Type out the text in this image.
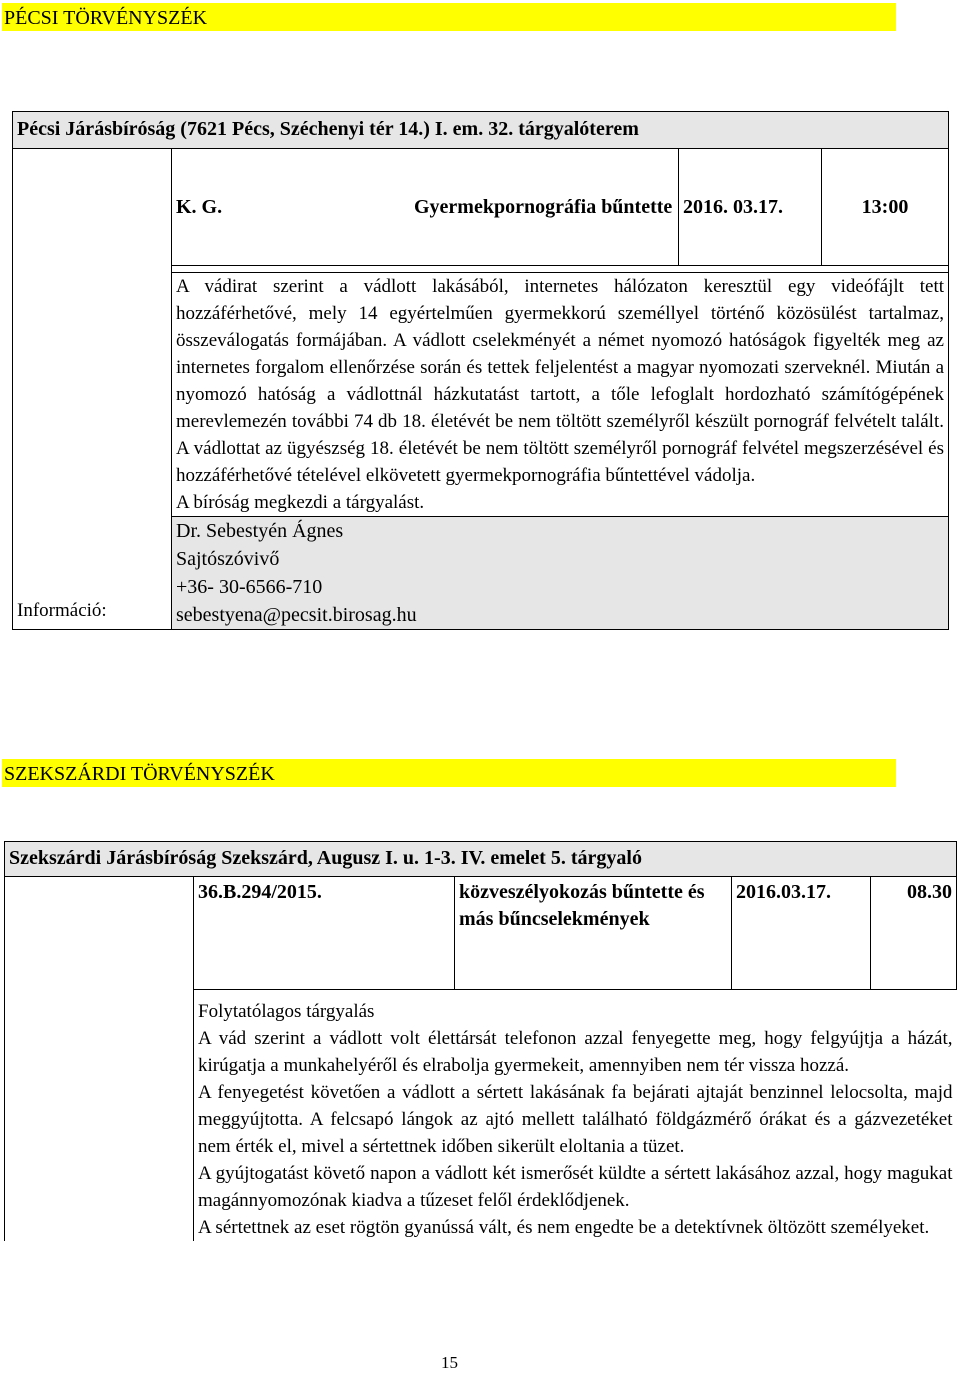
PÉCSI TÖRVÉNYSZÉK
Pécsi Járásbíróság (7621 Pécs, Széchenyi tér 14.) I. em. 32. tárgyalóterem

Információ:	K. G.	Gyermekpornográfia bűntette	2016. 03.17.	13:00

A vádirat szerint a vádlott lakásából, internetes hálózaton keresztül egy videófájlt tett hozzáférhetővé, mely 14 egyértelműen gyermekkorú személlyel történő közösülést tartalmaz, összeválogatás formájában. A vádlott cselekményét a német nyomozó hatóságok figyelték meg az internetes forgalom ellenőrzése során és tettek feljelentést a magyar nyomozati szerveknél. Miután a nyomozó hatóság a vádlottnál házkutatást tartott, a tőle lefoglalt hordozható számítógépének merevlemezén további 74 db 18. életévét be nem töltött személyről készült pornográf felvételt talált. A vádlottat az ügyészség 18. életévét be nem töltött személyről pornográf felvétel megszerzésével és hozzáférhetővé tételével elkövetett gyermekpornográfia bűntettével vádolja.

A bíróság megkezdi a tárgyalást.

Dr. Sebestyén Ágnes
Sajtószóvivő
+36- 30-6566-710
sebestyena@pecsit.birosag.hu
SZEKSZÁRDI TÖRVÉNYSZÉK
Szekszárdi Járásbíróság Szekszárd, Augusz I. u. 1-3. IV. emelet 5. tárgyaló
	36.B.294/2015.	közveszélyokozás bűntette és más bűncselekmények	2016.03.17.	08.30

Folytatólagos tárgyalás

A vád szerint a vádlott volt élettársát telefonon azzal fenyegette meg, hogy felgyújtja a házát, kirúgatja a munkahelyéről és elrabolja gyermekeit, amennyiben nem tér vissza hozzá.

A fenyegetést követően a vádlott a sértett lakásának fa bejárati ajtaját benzinnel lelocsolta, majd meggyújtotta. A felcsapó lángok az ajtó mellett található földgázmérő órákat és a gázvezetéket nem érték el, mivel a sértettnek időben sikerült eloltania a tüzet.

A gyújtogatást követő napon a vádlott két ismerősét küldte a sértett lakásához azzal, hogy magukat magánnyomozónak kiadva a tűzeset felől érdeklődjenek.

A sértettnek az eset rögtön gyanússá vált, és nem engedte be a detektívnek öltözött személyeket.

15
